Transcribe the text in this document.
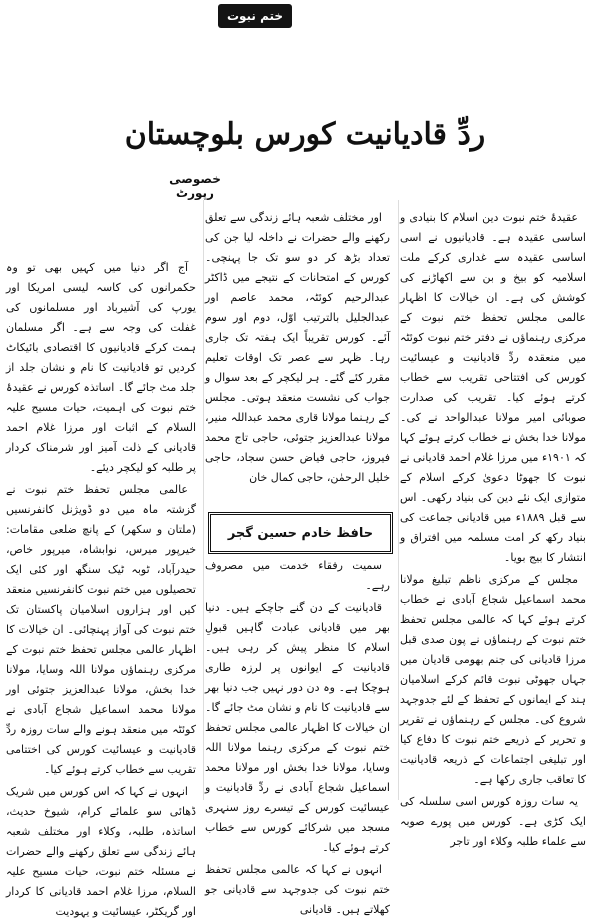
ختم نبوت
ردِّ قادیانیت کورس بلوچستان
خصوصی رپورٹ

عقیدۂ ختم نبوت دین اسلام کا بنیادی و اساسی عقیدہ ہے۔ قادیانیوں نے اسی اساسی عقیدہ سے غداری کرکے ملت اسلامیہ کو بیخ و بن سے اکھاڑنے کی کوشش کی ہے۔ ان خیالات کا اظہار عالمی مجلس تحفظ ختم نبوت کے مرکزی رہنماؤں نے دفتر ختم نبوت کوئٹہ میں منعقدہ ردِّ قادیانیت و عیسائیت کورس کی افتتاحی تقریب سے خطاب کرتے ہوئے کیا۔ تقریب کی صدارت صوبائی امیر مولانا عبدالواحد نے کی۔ مولانا خدا بخش نے خطاب کرتے ہوئے کہا کہ ۱۹۰۱ء میں مرزا غلام احمد قادیانی نے نبوت کا جھوٹا دعویٰ کرکے اسلام کے متوازی ایک نئے دین کی بنیاد رکھی۔ اس سے قبل ۱۸۸۹ء میں قادیانی جماعت کی بنیاد رکھ کر امت مسلمہ میں افتراق و انتشار کا بیج بویا۔

مجلس کے مرکزی ناظم تبلیغ مولانا محمد اسماعیل شجاع آبادی نے خطاب کرتے ہوئے کہا کہ عالمی مجلس تحفظ ختم نبوت کے رہنماؤں نے پون صدی قبل مرزا قادیانی کی جنم بھومی قادیان میں جہاں جھوٹی نبوت قائم کرکے اسلامیان ہند کے ایمانوں کے تحفظ کے لئے جدوجہد شروع کی۔ مجلس کے رہنماؤں نے تقریر و تحریر کے ذریعے ختم نبوت کا دفاع کیا اور تبلیغی اجتماعات کے ذریعہ قادیانیت کا تعاقب جاری رکھا ہے۔

یہ سات روزہ کورس اسی سلسلہ کی ایک کڑی ہے۔ کورس میں پورے صوبہ سے علماء طلبہ وکلاء اور تاجر

اور مختلف شعبہ ہائے زندگی سے تعلق رکھنے والے حضرات نے داخلہ لیا جن کی تعداد بڑھ کر دو سو تک جا پہنچی۔ کورس کے امتحانات کے نتیجے میں ڈاکٹر عبدالرحیم کوئٹہ، محمد عاصم اور عبدالجلیل بالترتیب اوّل، دوم اور سوم آئے۔ کورس تقریباً ایک ہفتہ تک جاری رہا۔ ظہر سے عصر تک اوقات تعلیم مقرر کئے گئے۔ ہر لیکچر کے بعد سوال و جواب کی نشست منعقد ہوتی۔ مجلس کے رہنما مولانا قاری محمد عبداللہ منیر، مولانا عبدالعزیز جتوئی، حاجی تاج محمد فیروز، حاجی فیاض حسن سجاد، حاجی خلیل الرحمٰن، حاجی کمال خان

حافظ خادم حسین گجر

سمیت رفقاء خدمت میں مصروف رہے۔

قادیانیت کے دن گنے جاچکے ہیں۔ دنیا بھر میں قادیانی عبادت گاہیں قبولِ اسلام کا منظر پیش کر رہی ہیں۔ قادیانیت کے ایوانوں پر لرزہ طاری ہوچکا ہے۔ وہ دن دور نہیں جب دنیا بھر سے قادیانیت کا نام و نشان مٹ جائے گا۔ ان خیالات کا اظہار عالمی مجلس تحفظ ختم نبوت کے مرکزی رہنما مولانا اللہ وسایا، مولانا خدا بخش اور مولانا محمد اسماعیل شجاع آبادی نے ردِّ قادیانیت و عیسائیت کورس کے تیسرے روز سنہری مسجد میں شرکائے کورس سے خطاب کرتے ہوئے کیا۔

انہوں نے کہا کہ عالمی مجلس تحفظ ختم نبوت کی جدوجہد سے قادیانی جو کھلاتے ہیں۔ قادیانی

آج اگر دنیا میں کہیں بھی تو وہ حکمرانوں کی کاسہ لیسی امریکا اور یورپ کی آشیرباد اور مسلمانوں کی غفلت کی وجہ سے ہے۔ اگر مسلمان ہمت کرکے قادیانیوں کا اقتصادی بائیکاٹ کردیں تو قادیانیت کا نام و نشان جلد از جلد مٹ جائے گا۔ اساتذہ کورس نے عقیدۂ ختم نبوت کی اہمیت، حیات مسیح علیہ السلام کے اثبات اور مرزا غلام احمد قادیانی کے ذلت آمیز اور شرمناک کردار پر طلبہ کو لیکچر دیئے۔

عالمی مجلس تحفظ ختم نبوت نے گزشتہ ماہ میں دو ڈویژنل کانفرنسیں (ملتان و سکھر) کے پانچ ضلعی مقامات: خیرپور میرس، نوابشاہ، میرپور خاص، حیدرآباد، ٹوبہ ٹیک سنگھ اور کئی ایک تحصیلوں میں ختم نبوت کانفرنسیں منعقد کیں اور ہزاروں اسلامیان پاکستان تک ختم نبوت کی آواز پہنچائی۔ ان خیالات کا اظہار عالمی مجلس تحفظ ختم نبوت کے مرکزی رہنماؤں مولانا اللہ وسایا، مولانا خدا بخش، مولانا عبدالعزیز جتوئی اور مولانا محمد اسماعیل شجاع آبادی نے کوئٹہ میں منعقد ہونے والے سات روزہ ردِّ قادیانیت و عیسائیت کورس کی اختتامی تقریب سے خطاب کرتے ہوئے کیا۔

انہوں نے کہا کہ اس کورس میں شریک ڈھائی سو علمائے کرام، شیوخ حدیث، اساتذہ، طلبہ، وکلاء اور مختلف شعبہ ہائے زندگی سے تعلق رکھنے والے حضرات نے مسئلہ ختم نبوت، حیات مسیح علیہ السلام، مرزا غلام احمد قادیانی کا کردار اور گریکٹر، عیسائیت و یہودیت
